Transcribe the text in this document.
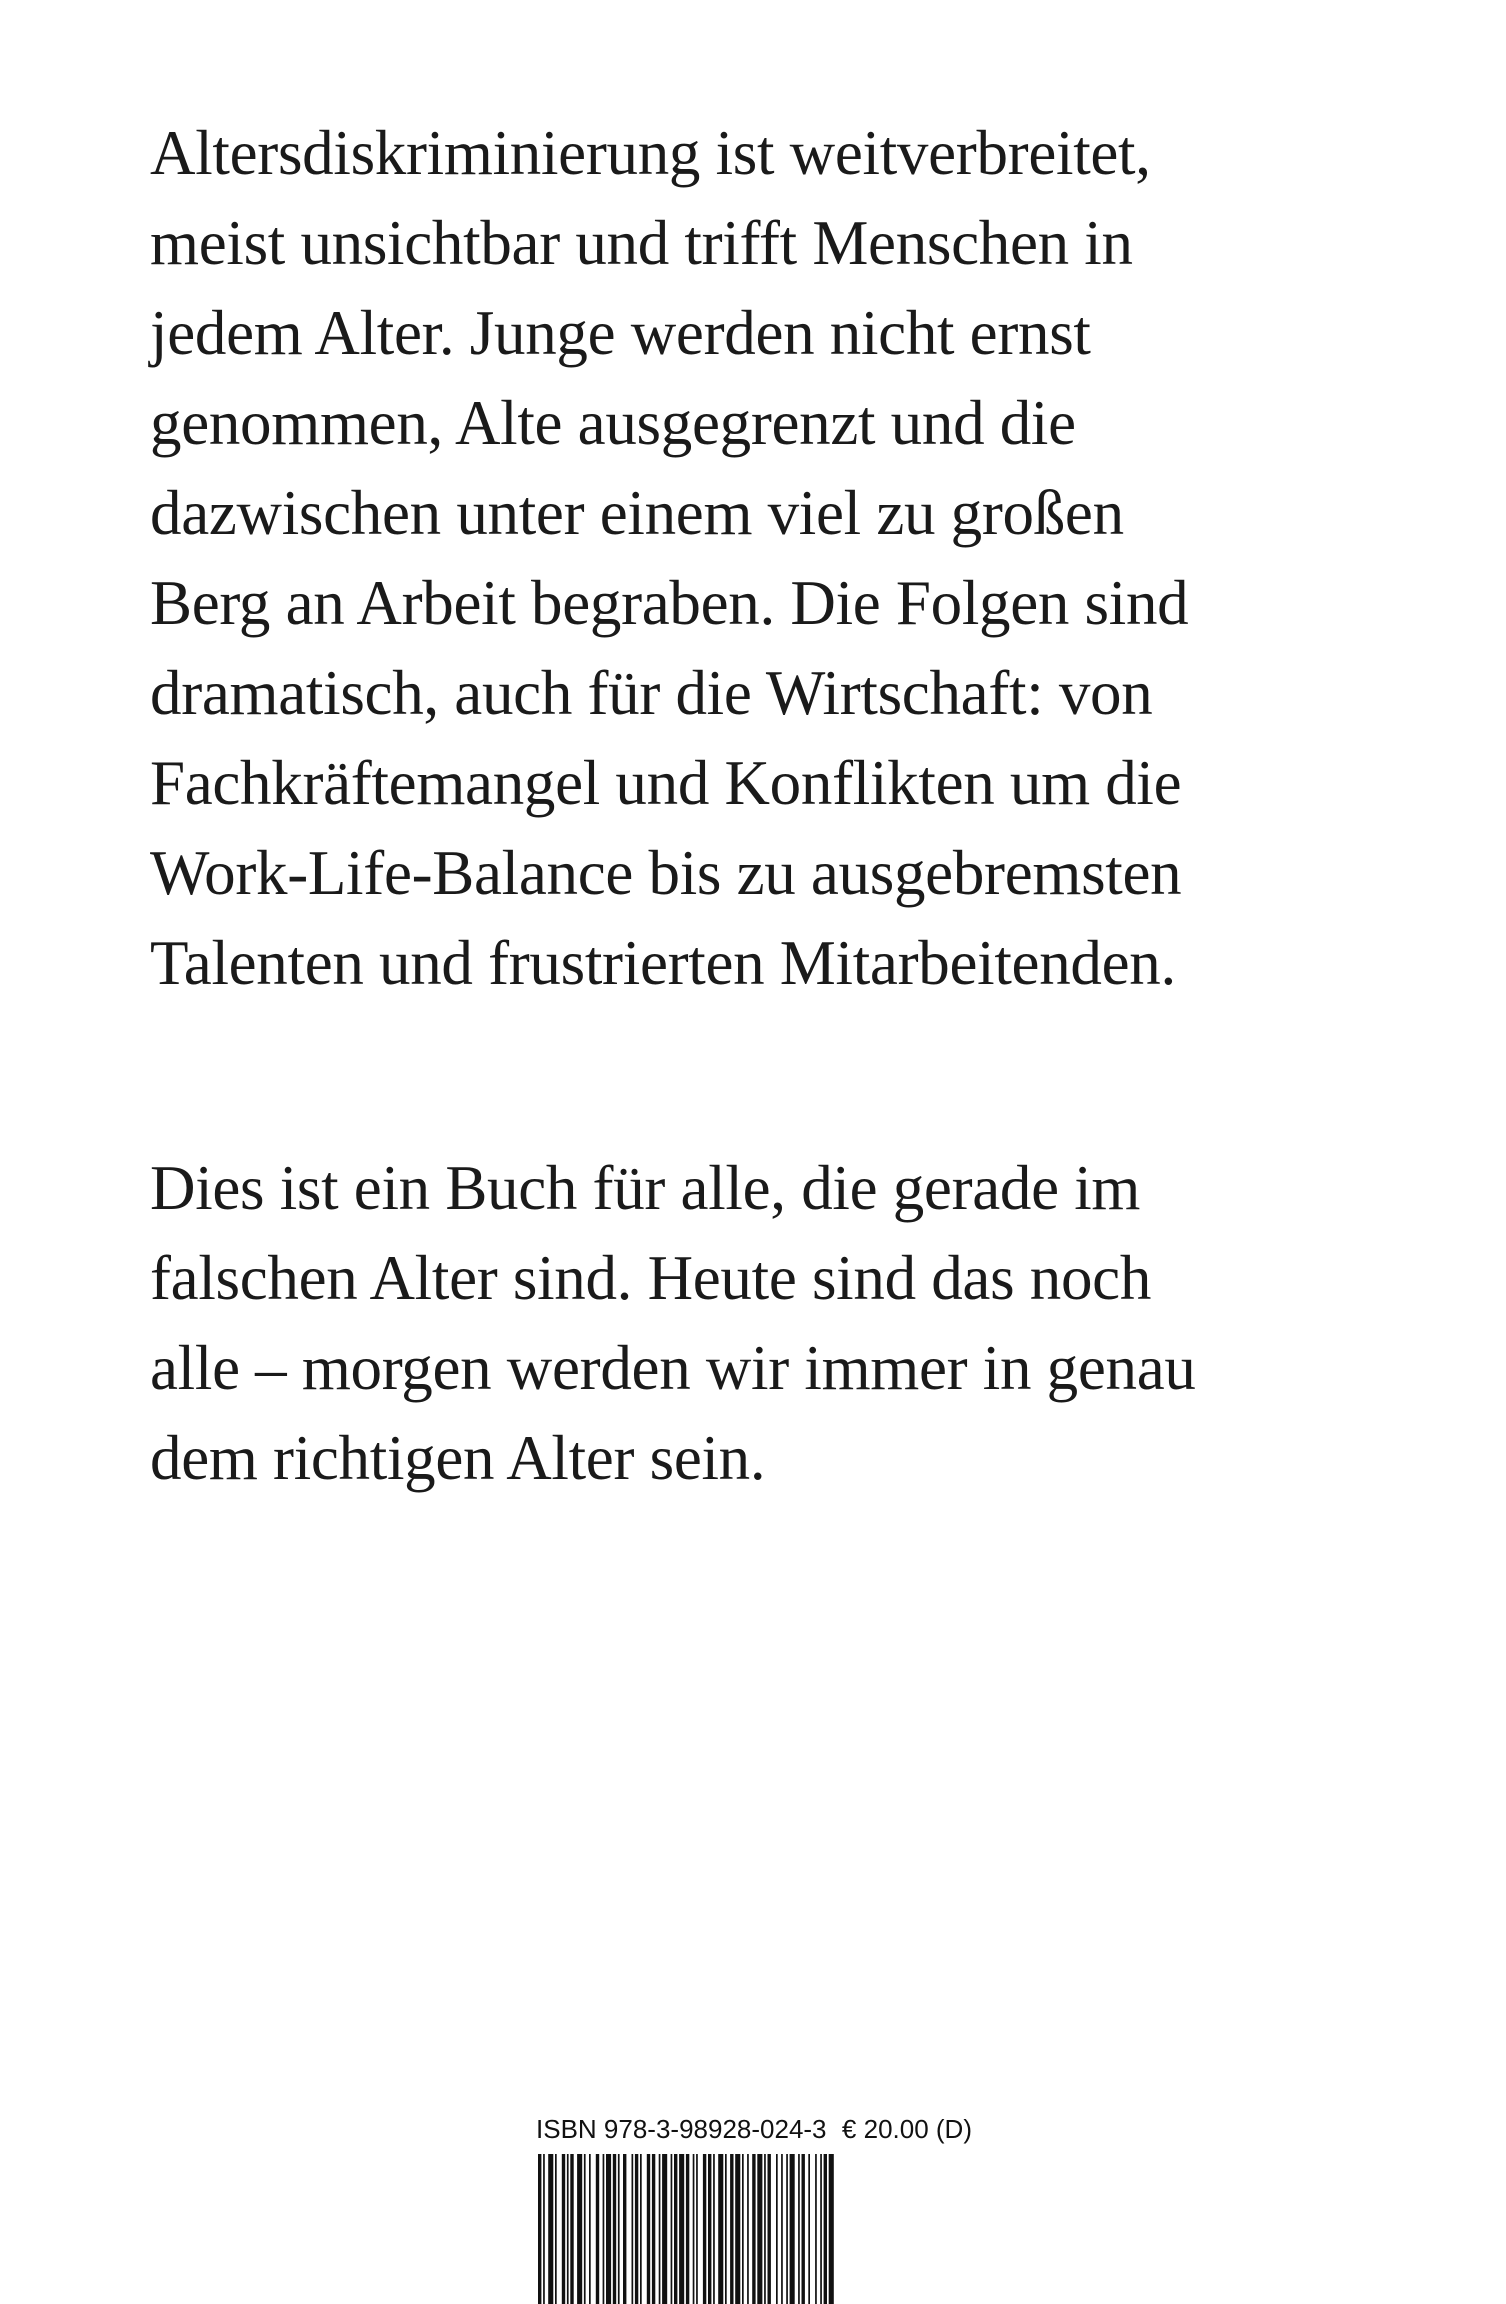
Altersdiskriminierung ist weitverbreitet,
meist unsichtbar und trifft Menschen in
jedem Alter. Junge werden nicht ernst
genommen, Alte ausgegrenzt und die
dazwischen unter einem viel zu großen
Berg an Arbeit begraben. Die Folgen sind
dramatisch, auch für die Wirtschaft: von
Fachkräftemangel und Konflikten um die
Work-Life-Balance bis zu ausgebremsten
Talenten und frustrierten Mitarbeitenden.
Dies ist ein Buch für alle, die gerade im
falschen Alter sind. Heute sind das noch
alle – morgen werden wir immer in genau
dem richtigen Alter sein.
ISBN 978-3-98928-024-3 € 20.00 (D)
